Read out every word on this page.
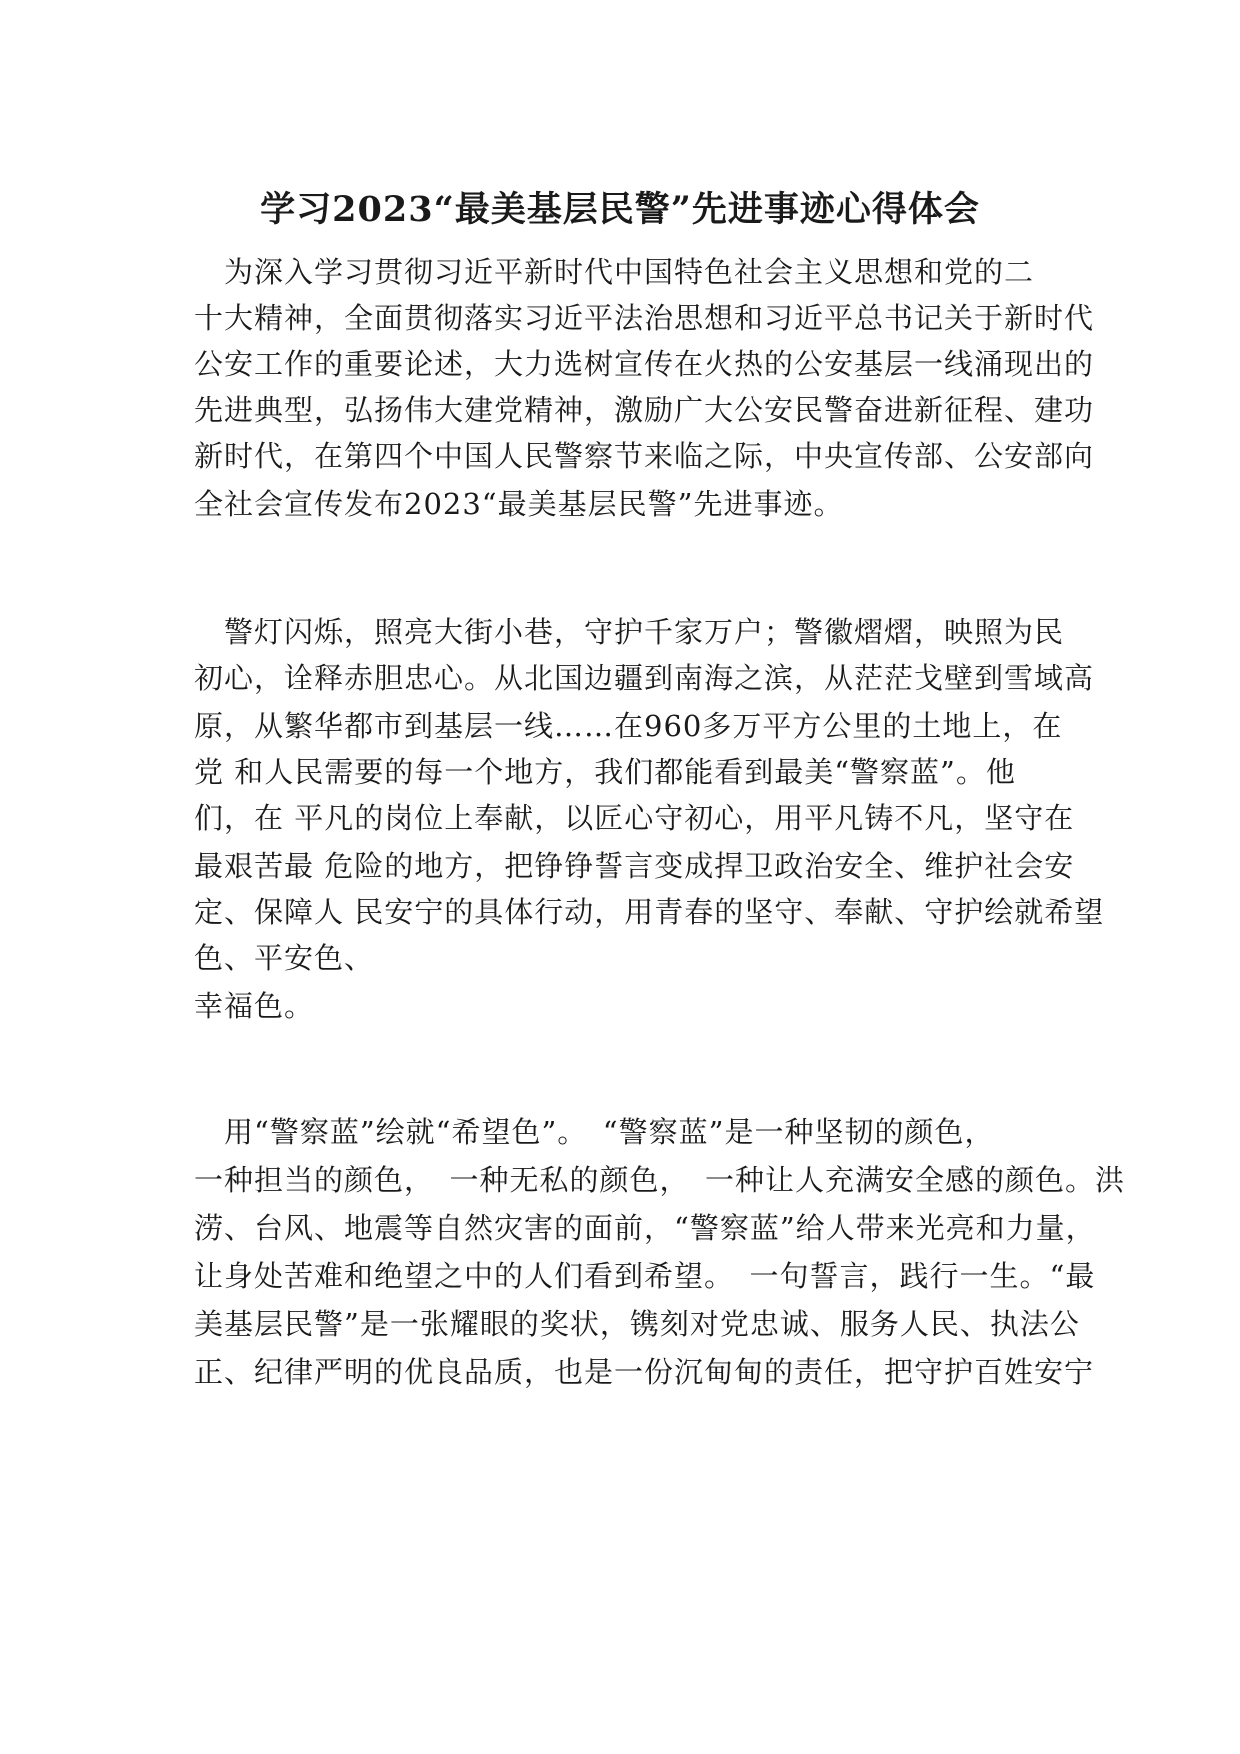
学习2023“最美基层民警”先进事迹心得体会
　为深入学习贯彻习近平新时代中国特色社会主义思想和党的二
十大精神，全面贯彻落实习近平法治思想和习近平总书记关于新时代
公安工作的重要论述，大力选树宣传在火热的公安基层一线涌现出的
先进典型，弘扬伟大建党精神，激励广大公安民警奋进新征程、建功
新时代，在第四个中国人民警察节来临之际，中央宣传部、公安部向
全社会宣传发布2023“最美基层民警”先进事迹。
　警灯闪烁，照亮大街小巷，守护千家万户；警徽熠熠，映照为民
初心，诠释赤胆忠心。从北国边疆到南海之滨，从茫茫戈壁到雪域高
原，从繁华都市到基层一线……在960多万平方公里的土地上，在
党 和人民需要的每一个地方，我们都能看到最美“警察蓝”。他
们，在 平凡的岗位上奉献，以匠心守初心，用平凡铸不凡，坚守在
最艰苦最 危险的地方，把铮铮誓言变成捍卫政治安全、维护社会安
定、保障人 民安宁的具体行动，用青春的坚守、奉献、守护绘就希望
色、平安色、
幸福色。
　用“警察蓝”绘就“希望色”。　“警察蓝”是一种坚韧的颜色，
一种担当的颜色，　一种无私的颜色，　一种让人充满安全感的颜色。洪
涝、台风、地震等自然灾害的面前，“警察蓝”给人带来光亮和力量，
让身处苦难和绝望之中的人们看到希望。　一句誓言，践行一生。“最
美基层民警”是一张耀眼的奖状，镌刻对党忠诚、服务人民、执法公
正、纪律严明的优良品质，也是一份沉甸甸的责任，把守护百姓安宁
